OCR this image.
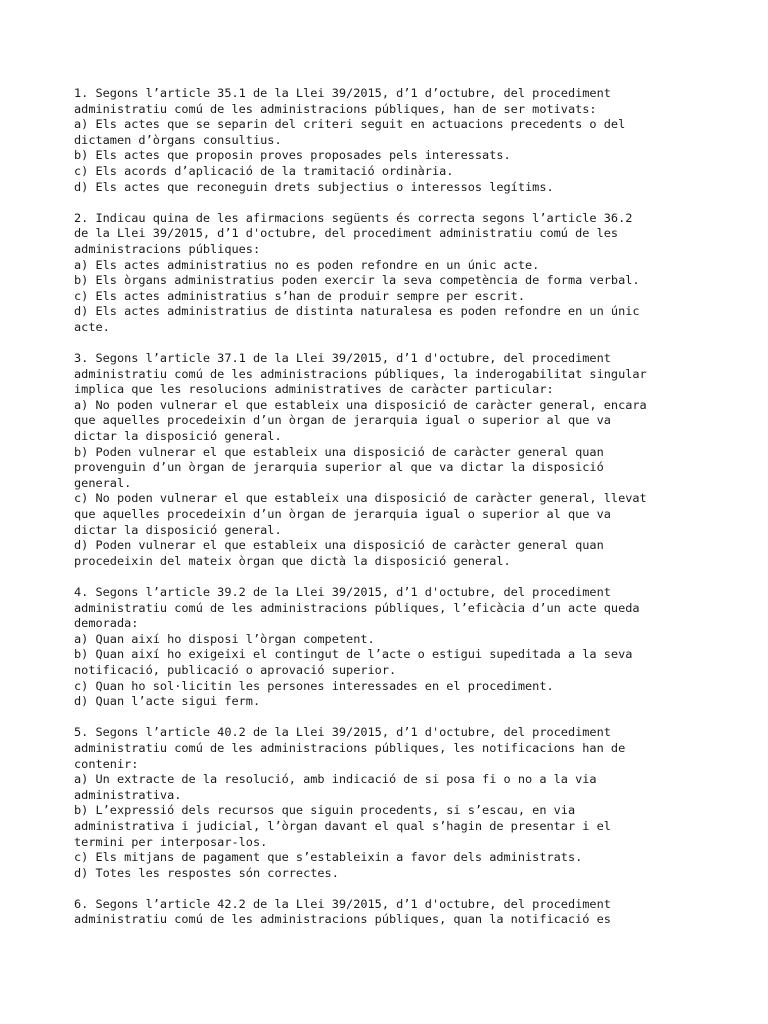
1. Segons l’article 35.1 de la Llei 39/2015, d’1 d’octubre, del procediment
administratiu comú de les administracions públiques, han de ser motivats:
a) Els actes que se separin del criteri seguit en actuacions precedents o del
dictamen d’òrgans consultius.
b) Els actes que proposin proves proposades pels interessats.
c) Els acords d’aplicació de la tramitació ordinària.
d) Els actes que reconeguin drets subjectius o interessos legítims.
2. Indicau quina de les afirmacions següents és correcta segons l’article 36.2
de la Llei 39/2015, d’1 d'octubre, del procediment administratiu comú de les
administracions públiques:
a) Els actes administratius no es poden refondre en un únic acte.
b) Els òrgans administratius poden exercir la seva competència de forma verbal.
c) Els actes administratius s’han de produir sempre per escrit.
d) Els actes administratius de distinta naturalesa es poden refondre en un únic
acte.
3. Segons l’article 37.1 de la Llei 39/2015, d’1 d'octubre, del procediment
administratiu comú de les administracions públiques, la inderogabilitat singular
implica que les resolucions administratives de caràcter particular:
a) No poden vulnerar el que estableix una disposició de caràcter general, encara
que aquelles procedeixin d’un òrgan de jerarquia igual o superior al que va
dictar la disposició general.
b) Poden vulnerar el que estableix una disposició de caràcter general quan
provenguin d’un òrgan de jerarquia superior al que va dictar la disposició
general.
c) No poden vulnerar el que estableix una disposició de caràcter general, llevat
que aquelles procedeixin d’un òrgan de jerarquia igual o superior al que va
dictar la disposició general.
d) Poden vulnerar el que estableix una disposició de caràcter general quan
procedeixin del mateix òrgan que dictà la disposició general.
4. Segons l’article 39.2 de la Llei 39/2015, d’1 d'octubre, del procediment
administratiu comú de les administracions públiques, l’eficàcia d’un acte queda
demorada:
a) Quan així ho disposi l’òrgan competent.
b) Quan així ho exigeixi el contingut de l’acte o estigui supeditada a la seva
notificació, publicació o aprovació superior.
c) Quan ho sol·licitin les persones interessades en el procediment.
d) Quan l’acte sigui ferm.
5. Segons l’article 40.2 de la Llei 39/2015, d’1 d'octubre, del procediment
administratiu comú de les administracions públiques, les notificacions han de
contenir:
a) Un extracte de la resolució, amb indicació de si posa fi o no a la via
administrativa.
b) L’expressió dels recursos que siguin procedents, si s’escau, en via
administrativa i judicial, l’òrgan davant el qual s’hagin de presentar i el
termini per interposar-los.
c) Els mitjans de pagament que s’estableixin a favor dels administrats.
d) Totes les respostes són correctes.
6. Segons l’article 42.2 de la Llei 39/2015, d’1 d'octubre, del procediment
administratiu comú de les administracions públiques, quan la notificació es
